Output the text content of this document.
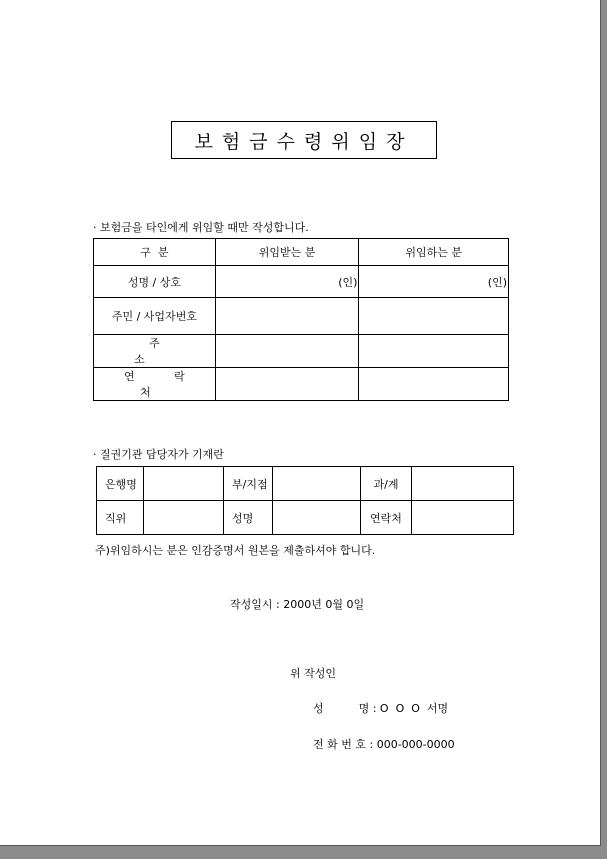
보험금수령위임장
· 보험금을 타인에게 위임할 때만 작성합니다.
구  분	위임받는 분	위임하는 분
성명 / 상호	(인)	(인)

주민 / 사업자번호		
주 소		
연 락 처		
· 질권기관 담당자가 기재란
은행명		부/지점		과/계	
직위		성명		연락처	
주)위임하시는 분은 인감증명서 원본을 제출하셔야 합니다.
작성일시 : 2000년 0월 0일
위 작성인
성          명 : O  O  O  서명
전 화 번 호 : 000-000-0000
